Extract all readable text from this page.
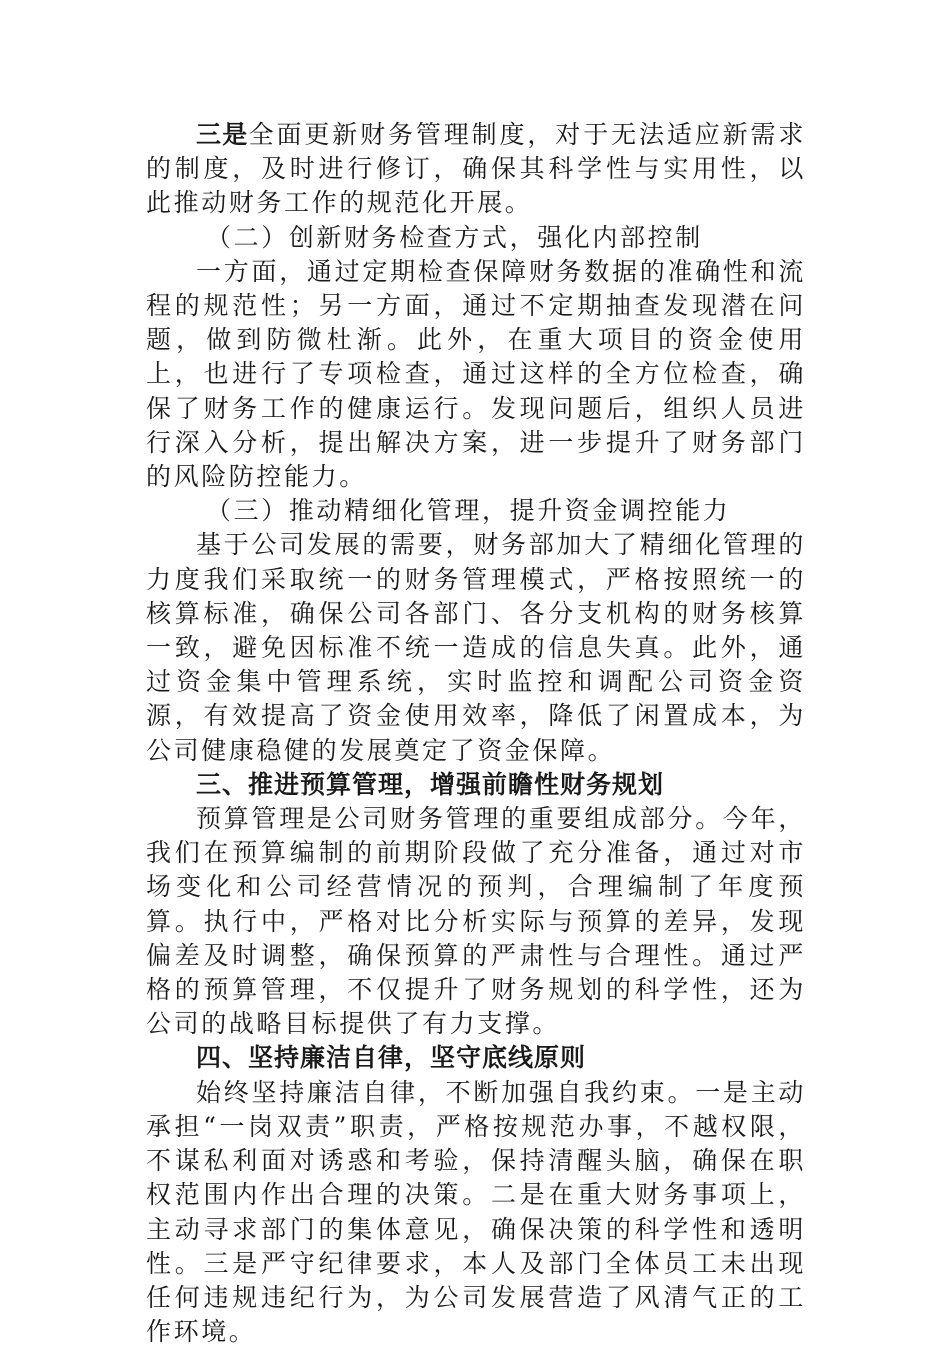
三是全面更新财务管理制度，对于无法适应新需求的制度，及时进行修订，确保其科学性与实用性，以此推动财务工作的规范化开展。

（二）创新财务检查方式，强化内部控制

一方面，通过定期检查保障财务数据的准确性和流程的规范性；另一方面，通过不定期抽查发现潜在问题，做到防微杜渐。此外，在重大项目的资金使用上，也进行了专项检查，通过这样的全方位检查，确保了财务工作的健康运行。发现问题后，组织人员进行深入分析，提出解决方案，进一步提升了财务部门的风险防控能力。

（三）推动精细化管理，提升资金调控能力

基于公司发展的需要，财务部加大了精细化管理的力度我们采取统一的财务管理模式，严格按照统一的核算标准，确保公司各部门、各分支机构的财务核算一致，避免因标准不统一造成的信息失真。此外，通过资金集中管理系统，实时监控和调配公司资金资源，有效提高了资金使用效率，降低了闲置成本，为公司健康稳健的发展奠定了资金保障。

三、推进预算管理，增强前瞻性财务规划

预算管理是公司财务管理的重要组成部分。今年，我们在预算编制的前期阶段做了充分准备，通过对市场变化和公司经营情况的预判，合理编制了年度预算。执行中，严格对比分析实际与预算的差异，发现偏差及时调整，确保预算的严肃性与合理性。通过严格的预算管理，不仅提升了财务规划的科学性，还为公司的战略目标提供了有力支撑。

四、坚持廉洁自律，坚守底线原则

始终坚持廉洁自律，不断加强自我约束。一是主动承担“一岗双责”职责，严格按规范办事，不越权限，不谋私利面对诱惑和考验，保持清醒头脑，确保在职权范围内作出合理的决策。二是在重大财务事项上，主动寻求部门的集体意见，确保决策的科学性和透明性。三是严守纪律要求，本人及部门全体员工未出现任何违规违纪行为，为公司发展营造了风清气正的工作环境。
